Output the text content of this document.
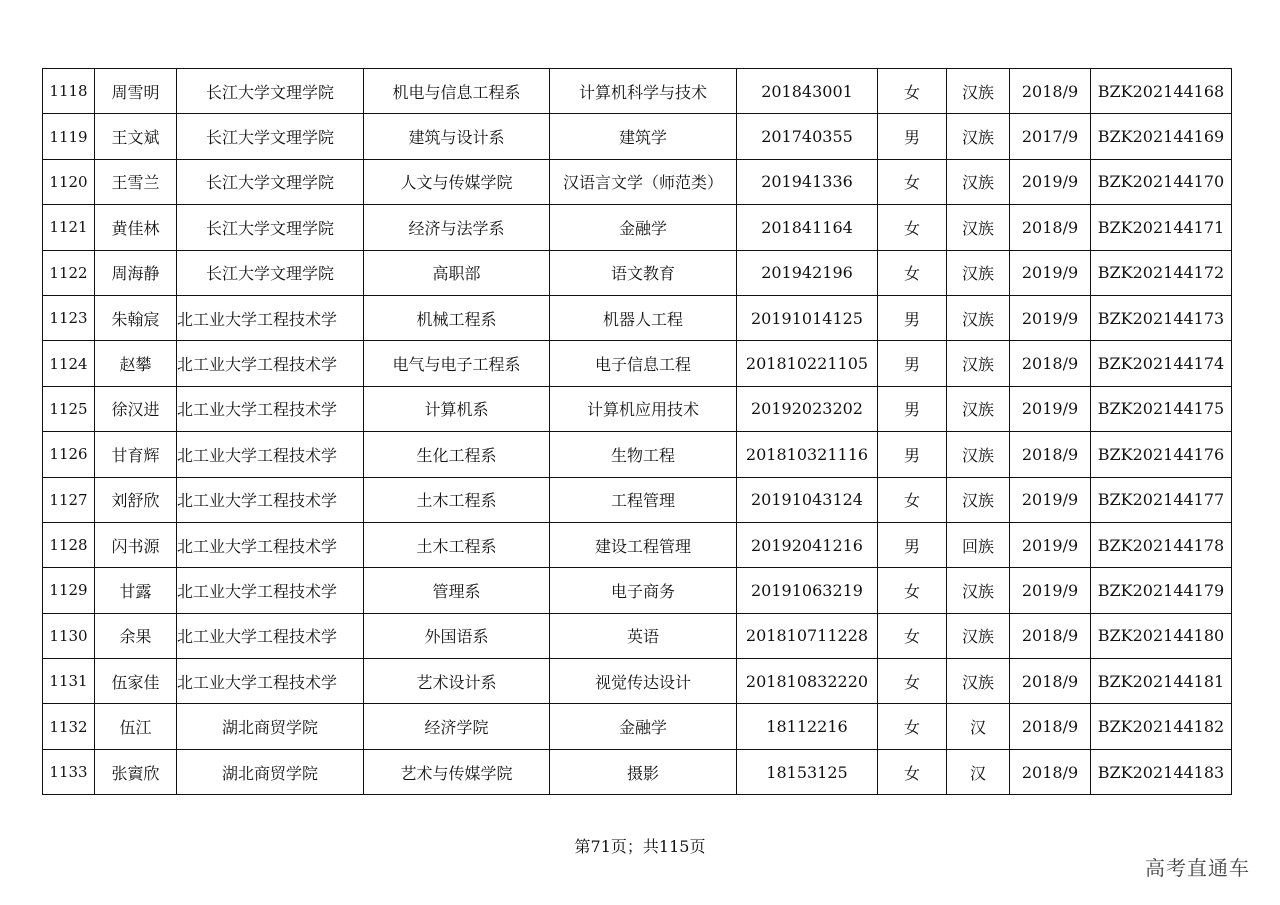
1118	周雪明	长江大学文理学院	机电与信息工程系	计算机科学与技术	201843001	女	汉族	2018/9	BZK202144168
1119	王文斌	长江大学文理学院	建筑与设计系	建筑学	201740355	男	汉族	2017/9	BZK202144169
1120	王雪兰	长江大学文理学院	人文与传媒学院	汉语言文学（师范类）	201941336	女	汉族	2019/9	BZK202144170
1121	黄佳林	长江大学文理学院	经济与法学系	金融学	201841164	女	汉族	2018/9	BZK202144171
1122	周海静	长江大学文理学院	高职部	语文教育	201942196	女	汉族	2019/9	BZK202144172
1123	朱翰宸	北工业大学工程技术学	机械工程系	机器人工程	20191014125	男	汉族	2019/9	BZK202144173
1124	赵攀	北工业大学工程技术学	电气与电子工程系	电子信息工程	201810221105	男	汉族	2018/9	BZK202144174
1125	徐汉进	北工业大学工程技术学	计算机系	计算机应用技术	20192023202	男	汉族	2019/9	BZK202144175
1126	甘育辉	北工业大学工程技术学	生化工程系	生物工程	201810321116	男	汉族	2018/9	BZK202144176
1127	刘舒欣	北工业大学工程技术学	土木工程系	工程管理	20191043124	女	汉族	2019/9	BZK202144177
1128	闪书源	北工业大学工程技术学	土木工程系	建设工程管理	20192041216	男	回族	2019/9	BZK202144178
1129	甘露	北工业大学工程技术学	管理系	电子商务	20191063219	女	汉族	2019/9	BZK202144179
1130	余果	北工业大学工程技术学	外国语系	英语	201810711228	女	汉族	2018/9	BZK202144180
1131	伍家佳	北工业大学工程技术学	艺术设计系	视觉传达设计	201810832220	女	汉族	2018/9	BZK202144181
1132	伍江	湖北商贸学院	经济学院	金融学	18112216	女	汉	2018/9	BZK202144182
1133	张賨欣	湖北商贸学院	艺术与传媒学院	摄影	18153125	女	汉	2018/9	BZK202144183
第71页；共115页
高考直通车
